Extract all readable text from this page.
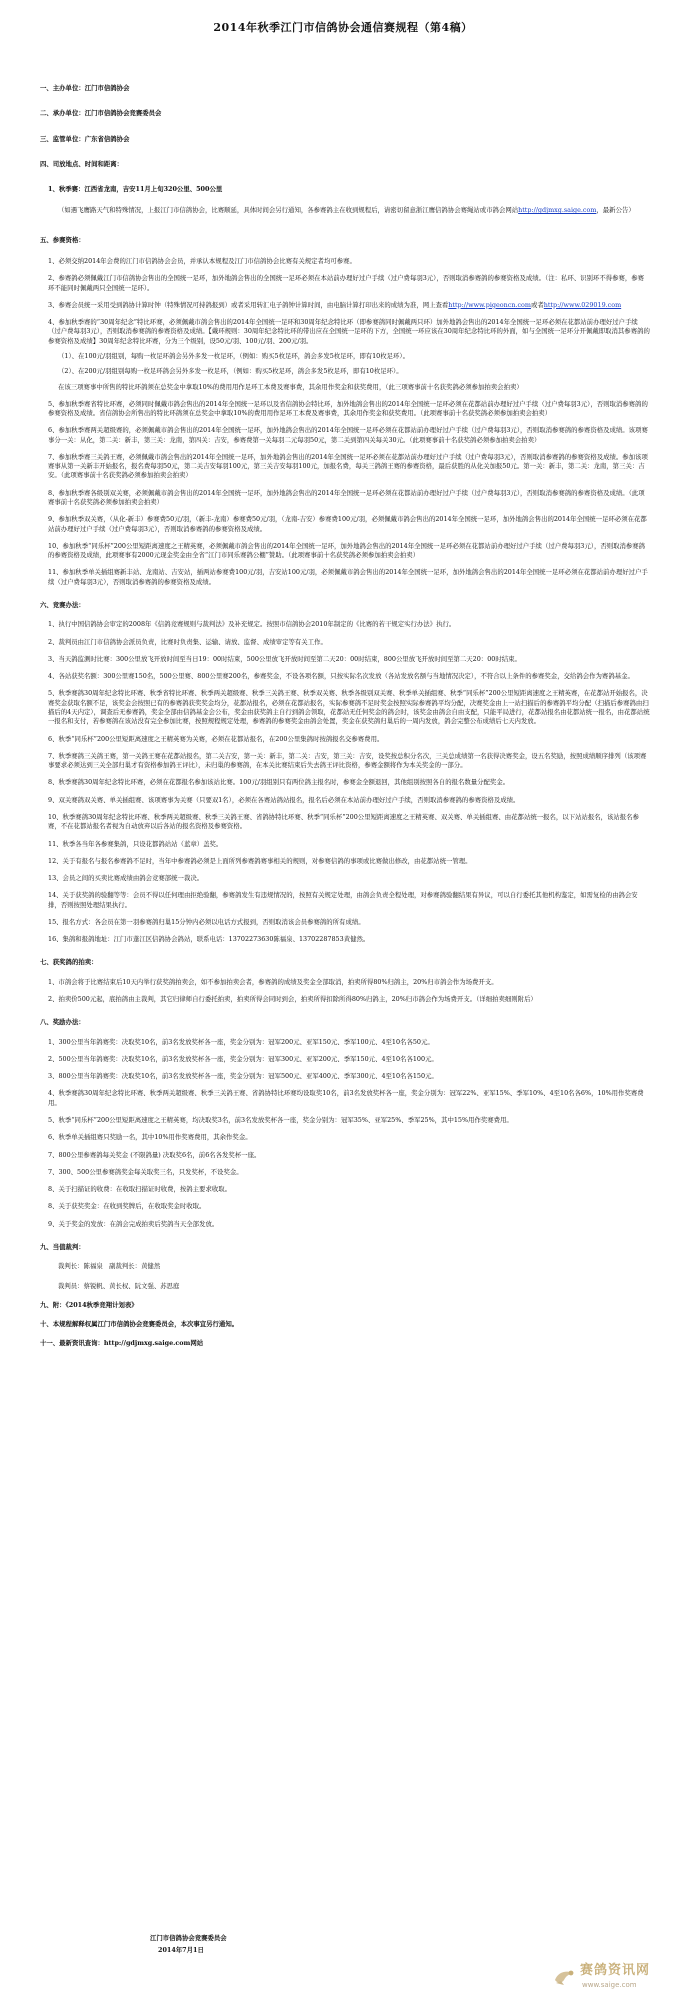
2014年秋季江门市信鸽协会通信赛规程（第4稿）

一、主办单位：江门市信鸽协会

二、承办单位：江门市信鸽协会竞赛委员会

三、监管单位：广东省信鸽协会

四、司放地点、时间和距离：

1、秋季赛：江西省龙南，吉安11月上旬320公里、500公里

（如遇飞鹰路天气和特殊情况，上报江门市信鸽协会，比赛顺延，具体时间会另行通知，各参赛鸽主在收到规程后，请密切留意浙江鹰信鸽协会赛绳站或市鸽会网站http://gdjmxg.saige.com，最新公告）

五、参赛资格：

1、必须交纳2014年会费的江门市信鸽协会会员，并承认本规程及江门市信鸽协会比赛有关规定者均可参赛。

2、参赛鸽必须佩戴江门市信鸽协会售出的全国统一足环，加外地鸽会售出的全国统一足环必须在本站前办理好过户手续（过户费每羽3元），否则取消参赛鸽的参赛资格及成绩。（注：私环、识别环不得参赛，参赛环不能同时佩戴两只全国统一足环）。

3、参赛会员统一采用受到鸽协计算时钟（特殊情况可持鸽报到）或者采用转汇电子鸽钟计算时间，由电脑计算打印出来的成绩为准，网上查看http://www.pigeoncn.com或者http://www.029019.com

4、参加秋季赛的“30周年纪念”特比环赛，必须佩戴市鸽会售出的2014年全国统一足环和30周年纪念特比环（即参赛鸽同时佩戴两只环）加外地鸽会售出的2014年全国统一足环必须在花都站前办理好过户手续（过户费每羽3元），否则取消参赛鸽的参赛资格及成绩。【戴环规则：30周年纪念特比环的带出应在全国统一足环的下方，全国统一环应该在30周年纪念特比环的外面，如与全国统一足环分开佩戴即取消其参赛鸽的参赛资格及成绩】30周年纪念特比环赛，分为三个级别，设50元/羽、100元/羽、200元/羽。

（1）、在100元/羽组别，每购一枚足环鸽会另外多发一枚足环，（例如：购买5枚足环，鸽会多发5枚足环，即有10枚足环）。

（2）、在200元/羽组别每购一枚足环鸽会另外多发一枚足环，（例如：购买5枚足环，鸽会多发5枚足环，即有10枚足环）。

在该三项赛事中所售的特比环鸽须在总奖金中拿取10%的费用用作足环工本费及赛事费，其余用作奖金和获奖费用，（此三项赛事前十名获奖鸽必须参加拍卖会拍卖）

5、参加秋季赛省特比环赛，必须同时佩戴市鸽会售出的2014年全国统一足环以及省信鸽协会特比环，加外地鸽会售出的2014年全国统一足环必须在花都站前办理好过户手续（过户费每羽3元），否则取消参赛鸽的参赛资格及成绩。省信鸽协会所售出的特比环鸽须在总奖金中拿取10%的费用用作足环工本费及赛事费，其余用作奖金和获奖费用。（此项赛事前十名获奖鸽必须参加拍卖会拍卖）

6、参加秋季赛两关超级赛的，必须佩戴市鸽会售出的2014年全国统一足环，加外地鸽会售出的2014年全国统一足环必须在花都站前办理好过户手续（过户费每羽3元），否则取消参赛鸽的参赛资格及成绩。该项赛事分一关：从化，第二关：新丰，第三关：龙南，第四关：吉安，参赛费第一关每羽二元每羽50元，第二关到第四关每关30元。（此项赛事前十名获奖鸽必须参加拍卖会拍卖）

7、参加秋季赛三关鸽王赛，必须佩戴市鸽会售出的2014年全国统一足环，加外地鸽会售出的2014年全国统一足环必须在花都站前办理好过户手续（过户费每羽3元），否则取消参赛鸽的参赛资格及成绩。参加该项赛事从第一关新丰开始报名，报名费每羽50元，第二关吉安每羽100元，第三关吉安每羽100元，加报名费，每关三鸽鸽王赛的参赛资格，最后获胜的从化关加报50元。第一关：新丰，第二关：龙南，第三关：吉安。（此项赛事前十名获奖鸽必须参加拍卖会拍卖）

8、参加秋季赛各级别双关赛，必须佩戴市鸽会售出的2014年全国统一足环，加外地鸽会售出的2014年全国统一足环必须在花都站前办理好过户手续（过户费每羽3元），否则取消参赛鸽的参赛资格及成绩。（此项赛事前十名获奖鸽必须参加拍卖会拍卖）

9、参加秋季双关赛，（从化-新丰）参赛费50元/羽，（新丰-龙南）参赛费50元/羽，（龙南-吉安）参赛费100元/羽，必须佩戴市鸽会售出的2014年全国统一足环，加外地鸽会售出的2014年全国统一足环必须在花都站前办理好过户手续（过户费每羽3元），否则取消参赛鸽的参赛资格及成绩。

10、参加秋季“同乐杯”200公里短距离速度之王精英赛，必须佩戴市鸽会售出的2014年全国统一足环，加外地鸽会售出的2014年全国统一足环必须在花都站前办理好过户手续（过户费每羽3元），否则取消参赛鸽的参赛资格及成绩，此项赛事有2000元现金奖金由全省“江门市同乐赛鸽公棚”赞助。（此项赛事前十名获奖鸽必须参加拍卖会拍卖）

11、参加秋季单关插组赛新丰站、龙南站、吉安站，插两站参赛费100元/羽，吉安站100元/羽，必须佩戴市鸽会售出的2014年全国统一足环，加外地鸽会售出的2014年全国统一足环必须在花都站前办理好过户手续（过户费每羽3元），否则取消参赛鸽的参赛资格及成绩。

六、竞赛办法：

1、执行中国信鸽协会审定的2008年《信鸽竞赛规则与裁判法》及补充规定。按照市信鸽协会2010年制定的《比赛的若干规定实行办法》执行。

2、裁判员由江门市信鸽协会派员负责，比赛时负责集、运输、请放、监督、成绩审定等有关工作。

3、当天鸽监测时比赛：300公里放飞开放时间至当日19：00时结束，500公里放飞开放时间至第二天20：00时结束，800公里放飞开放时间至第二天20：00时结束。

4、各站获奖名额：300公里赛150名，500公里赛、800公里赛200名，参赛奖金，不设各项名额，只按实际名次发放（各站发放名额与当地情况决定），不符合以上条件的参赛奖金，交给鸽会作为赛鸽基金。

5、秋季赛鸽30周年纪念特比环赛、秋季省特比环赛、秋季两关超级赛、秋季三关鸽王赛、秋季双关赛、秋季各级别双关赛、秋季单关插组赛、秋季“同乐杯”200公里短距离速度之王精英赛，在花都站开始报名，决赛奖金获取名额不足，该奖金会按照已有的参赛鸽获奖奖金均分，花都站报名，必须在花都站报名，实际参赛鸽不足时奖金按照实际参赛鸽平均分配，决赛奖金由上一站扫描后的参赛鸽平均分配（扫描后参赛鸽由扫描后的4天内定），调查后无参赛鸽，奖金全部由信鸽基金会公布，奖金由获奖鸽主自行到鸽会领取，花都站无任何奖金的鸽会时，该奖金由鸽会自由支配，只能平局进行，花都站报名由花都站统一报名，由花都站统一报名和支付，若参赛鸽在该站没有完全参加比赛，按照规程规定处理，参赛鸽的参赛奖金由鸽会处置，奖金在获奖鸽归巢后的一周内发放，鸽会完整公布成绩后七天内发放。

6、秋季“同乐杯”200公里短距离速度之王精英赛为关赛，必须在花都站报名，在200公里集鸽时按鸽报名交参赛费用。

7、秋季赛鸽三关鸽王赛，第一关鸽王赛在花都站报名，第二关吉安，第一关：新丰，第二关：吉安，第三关：吉安，设奖按总积分名次，三关总成绩第一名获得决赛奖金，设五名奖励，按照成绩顺序排列（该项赛事要求必须达到三关全部归巢才有资格参加鸽王评比），未归巢的参赛鸽，在本关比赛结束后失去鸽王评比资格，参赛金额将作为本关奖金的一部分。

8、秋季赛鸽30周年纪念特比环赛，必须在花都报名参加该站比赛。100元/羽组别只有两位鸽主报名时，参赛金全额退回，其他组别按照各自的报名数量分配奖金。

9、双关赛鸽双关赛、单关插组赛、该项赛事为关赛（只要双1名），必须在各赛站鸽站报名，报名后必须在本站前办理好过户手续，否则取消参赛鸽的参赛资格及成绩。

10、秋季赛鸽30周年纪念特比环赛、秋季两关超级赛、秋季三关鸽王赛、省鸽协特比环赛、秋季“同乐杯”200公里短距离速度之王精英赛、双关赛、单关插组赛、由花都站统一报名，以下站站报名，该站报名参赛，不在花都站报名者视为自动放弃以后各站的报名资格及参赛资格。

11、秋季各当年各参赛集鸽，只设花都鸽站站（蓝章）盖奖。

12、关于有报名与报名参赛鸽不足时，当年中参赛鸽必须是上面所列参赛鸽赛事相关的规则，对参赛信鸽的事项或比赛做出修改，由花都站统一管理。

13、会员之间的买卖比赛成绩由鸽会竞赛部统一裁决。

14、关于获奖鸽的验翻等等：会员不得以任何理由拒绝验翻，参赛鸽发生有违规情况的，按照有关规定处理，由鸽会负责全程处理，对参赛鸽验翻结果有异议，可以自行委托其他机构鉴定，如需复检的由鸽会安排，否则按照处理结果执行。

15、报名方式：各会员在第一羽参赛鸽归巢15分钟内必须以电话方式报到，否则取消该会员参赛鸽的所有成绩。

16、集鸽和报鸽地址：江门市蓬江区信鸽协会鸽站，联系电话：13702273630陈福泉、13702287853黄健然。

七、获奖鸽的拍卖：

1、市鸽会将于比赛结束后10天内举行获奖鸽拍卖会，如不参加拍卖会者，参赛鸽的成绩及奖金全部取消，拍卖所得80%归鸽主，20%归市鸽会作为场费开支。

2、拍卖价500元起，底拍鸽由主裁判，其它归律师自行委托拍卖，拍卖所得会同时到会，拍卖所得扣除所得80%归鸽主，20%归市鸽会作为场费开支。（详细拍卖细则附后）

八、奖励办法：

1、300公里当年鸽赛奖：决取奖10名，前3名发放奖杯各一座，奖金分别为：冠军200元、亚军150元、季军100元、4至10名各50元。

2、500公里当年鸽赛奖：决取奖10名，前3名发放奖杯各一座，奖金分别为：冠军300元、亚军200元、季军150元、4至10名各100元。

3、800公里当年鸽赛奖：决取奖10名，前3名发放奖杯各一座，奖金分别为：冠军500元、亚军400元、季军300元、4至10名各150元。

4、秋季赛鸽30周年纪念特比环赛、秋季两关超级赛、秋季三关鸽王赛、省鸽协特比环赛均设取奖10名，前3名发放奖杯各一座，奖金分别为：冠军22%、亚军15%、季军10%、4至10名各6%，10%用作奖赛费用。

5、秋季“同乐杯”200公里短距离速度之王精英赛，均决取奖3名，前3名发放奖杯各一座，奖金分别为：冠军35%、亚军25%、季军25%，其中15%用作奖赛费用。

6、秋季单关插组赛只奖励一名，其中10%用作奖赛费用，其余作奖金。

7、800公里参赛鸽每关奖金 (不限鸽量) 决取奖6名，前6名各发奖杯一座。

7、300、500公里参赛鸽奖金每关取奖三名，只发奖杯，不设奖金。

8、关于扫描证的收费：在收取扫描证时收费，按鸽主要求收取。

8、关于获奖奖金：在收到奖牌后，在收取奖金时收取。

9、关于奖金的发放：在鸽会完成拍卖后奖鸽当天全部发放。

九、当值裁判：

裁判长：陈福泉　副裁判长：黄健然

裁判员：蔡锐帆、黄长权、阮文强、苏思庭

九、附：《2014秋季竞翔计划表》

十、本规程解释权属江门市信鸽协会竞赛委员会，本次事宜另行通知。

十一、最新资讯查询：http://gdjmxg.saige.com网站

江门市信鸽协会竞赛委员会
2014年7月1日
赛鸽资讯网
www.saige.com
